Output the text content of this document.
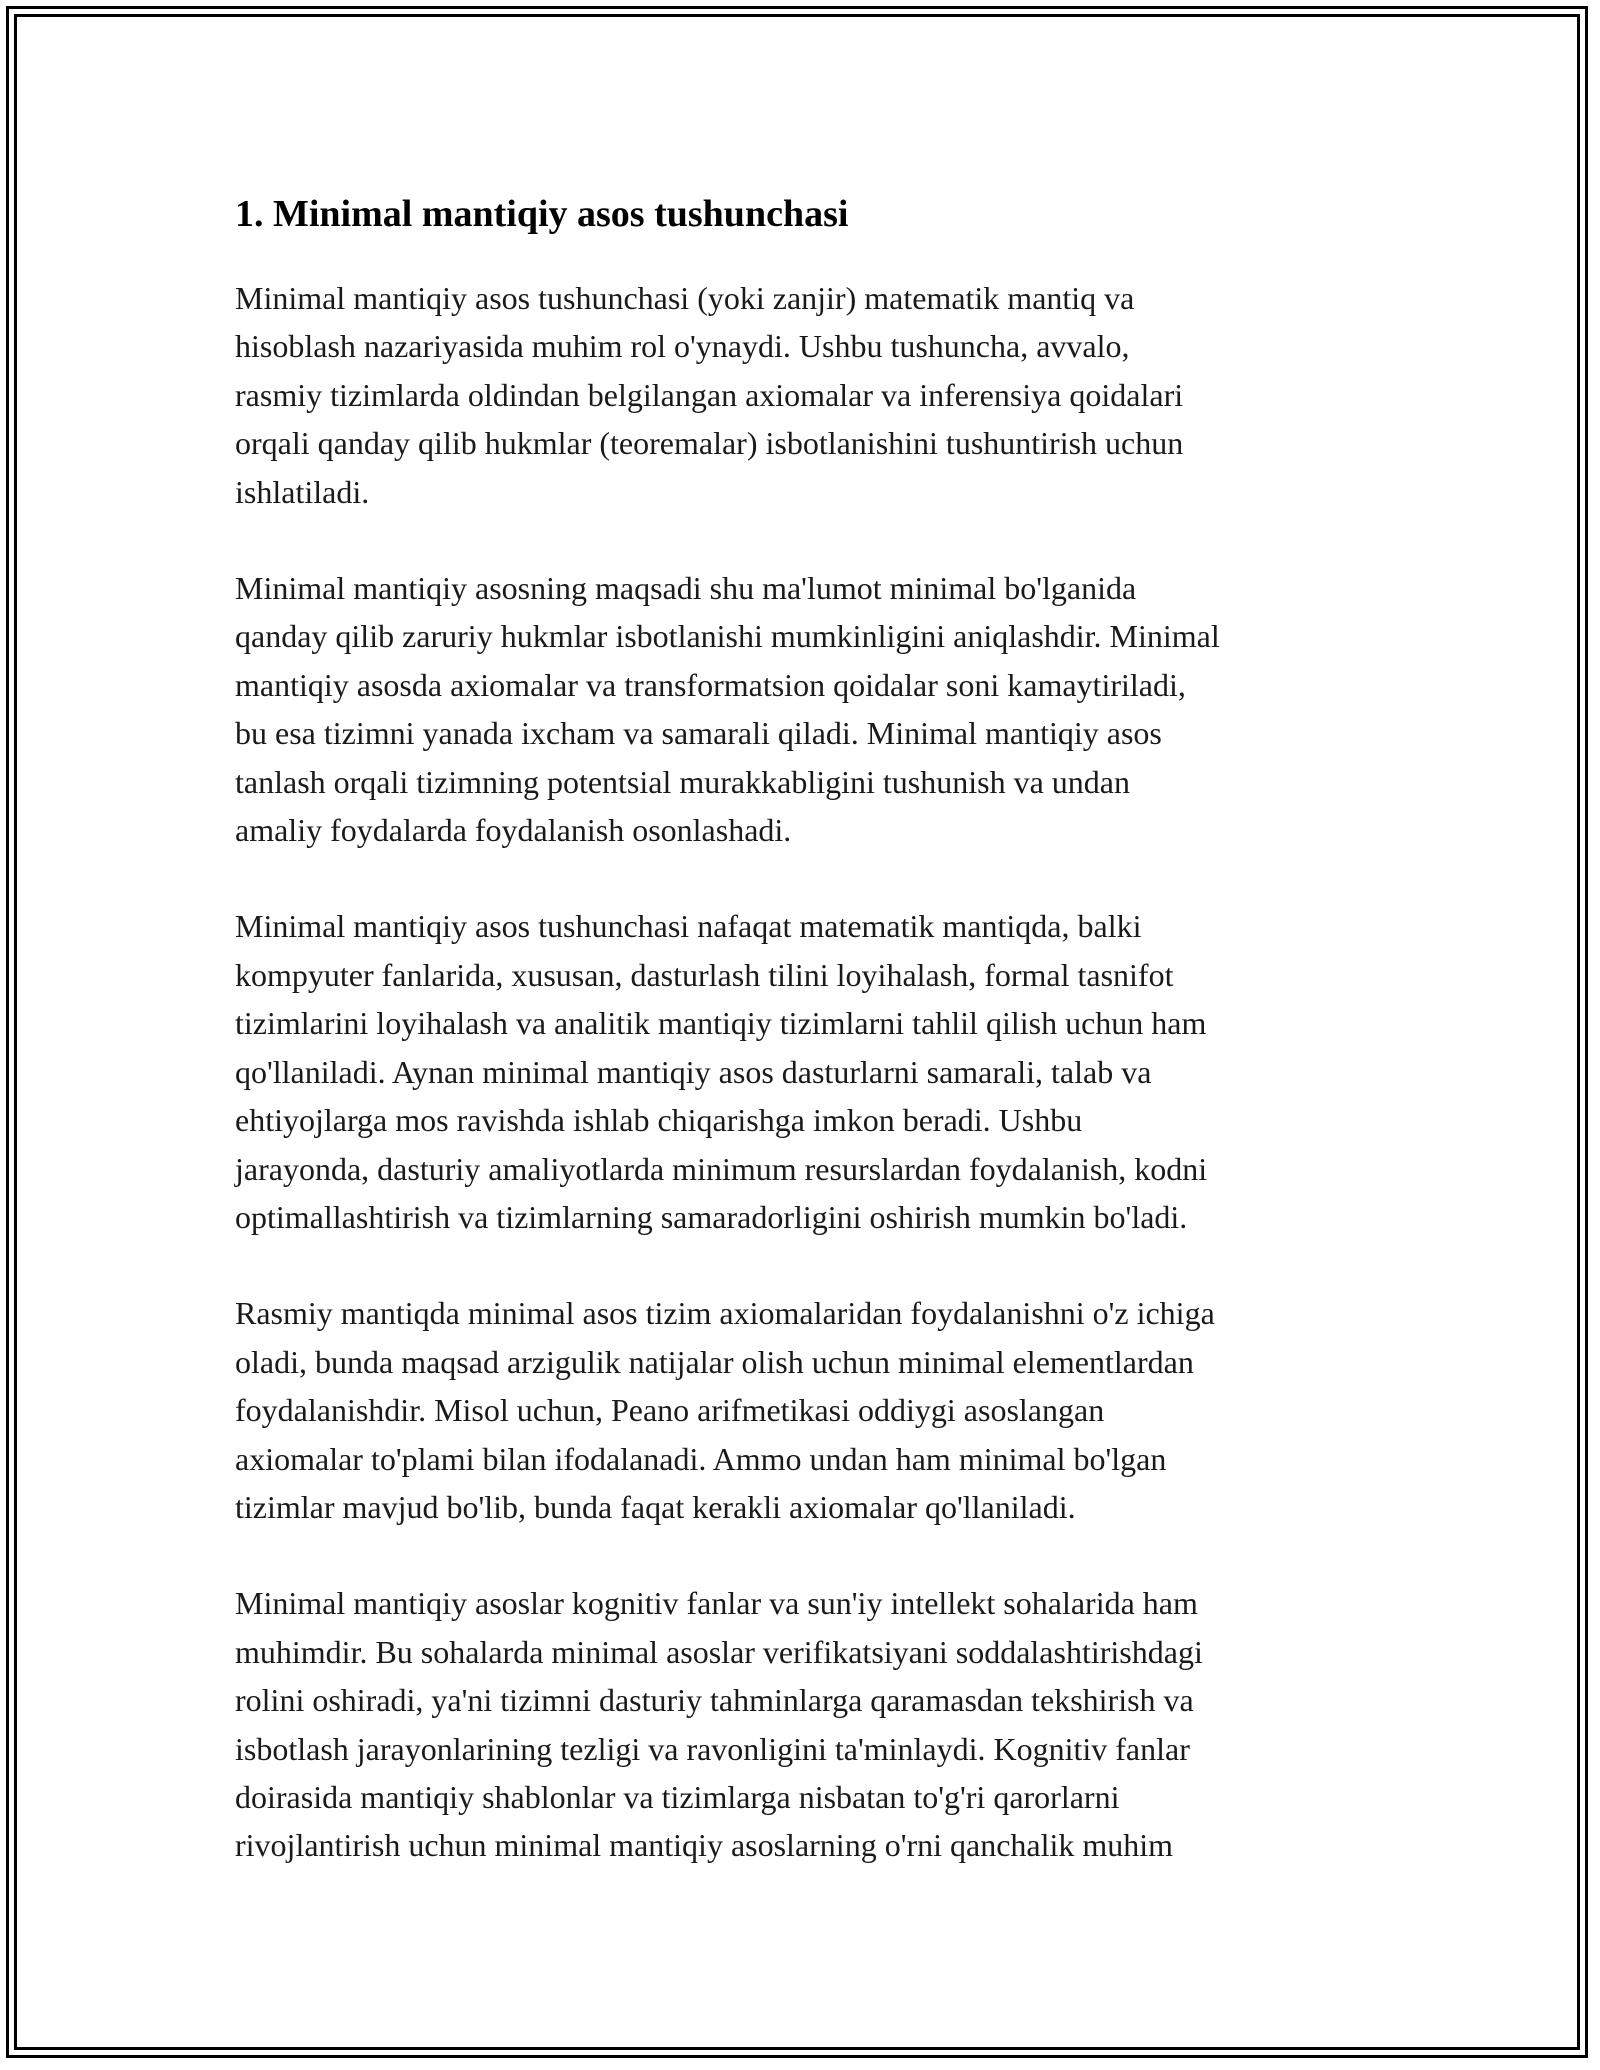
1. Minimal mantiqiy asos tushunchasi

Minimal mantiqiy asos tushunchasi (yoki zanjir) matematik mantiq va
hisoblash nazariyasida muhim rol o'ynaydi. Ushbu tushuncha, avvalo,
rasmiy tizimlarda oldindan belgilangan axiomalar va inferensiya qoidalari
orqali qanday qilib hukmlar (teoremalar) isbotlanishini tushuntirish uchun
ishlatiladi.

Minimal mantiqiy asosning maqsadi shu ma'lumot minimal bo'lganida
qanday qilib zaruriy hukmlar isbotlanishi mumkinligini aniqlashdir. Minimal
mantiqiy asosda axiomalar va transformatsion qoidalar soni kamaytiriladi,
bu esa tizimni yanada ixcham va samarali qiladi. Minimal mantiqiy asos
tanlash orqali tizimning potentsial murakkabligini tushunish va undan
amaliy foydalarda foydalanish osonlashadi.

Minimal mantiqiy asos tushunchasi nafaqat matematik mantiqda, balki
kompyuter fanlarida, xususan, dasturlash tilini loyihalash, formal tasnifot
tizimlarini loyihalash va analitik mantiqiy tizimlarni tahlil qilish uchun ham
qo'llaniladi. Aynan minimal mantiqiy asos dasturlarni samarali, talab va
ehtiyojlarga mos ravishda ishlab chiqarishga imkon beradi. Ushbu
jarayonda, dasturiy amaliyotlarda minimum resurslardan foydalanish, kodni
optimallashtirish va tizimlarning samaradorligini oshirish mumkin bo'ladi.

Rasmiy mantiqda minimal asos tizim axiomalaridan foydalanishni o'z ichiga
oladi, bunda maqsad arzigulik natijalar olish uchun minimal elementlardan
foydalanishdir. Misol uchun, Peano arifmetikasi oddiygi asoslangan
axiomalar to'plami bilan ifodalanadi. Ammo undan ham minimal bo'lgan
tizimlar mavjud bo'lib, bunda faqat kerakli axiomalar qo'llaniladi.

Minimal mantiqiy asoslar kognitiv fanlar va sun'iy intellekt sohalarida ham
muhimdir. Bu sohalarda minimal asoslar verifikatsiyani soddalashtirishdagi
rolini oshiradi, ya'ni tizimni dasturiy tahminlarga qaramasdan tekshirish va
isbotlash jarayonlarining tezligi va ravonligini ta'minlaydi. Kognitiv fanlar
doirasida mantiqiy shablonlar va tizimlarga nisbatan to'g'ri qarorlarni
rivojlantirish uchun minimal mantiqiy asoslarning o'rni qanchalik muhim
